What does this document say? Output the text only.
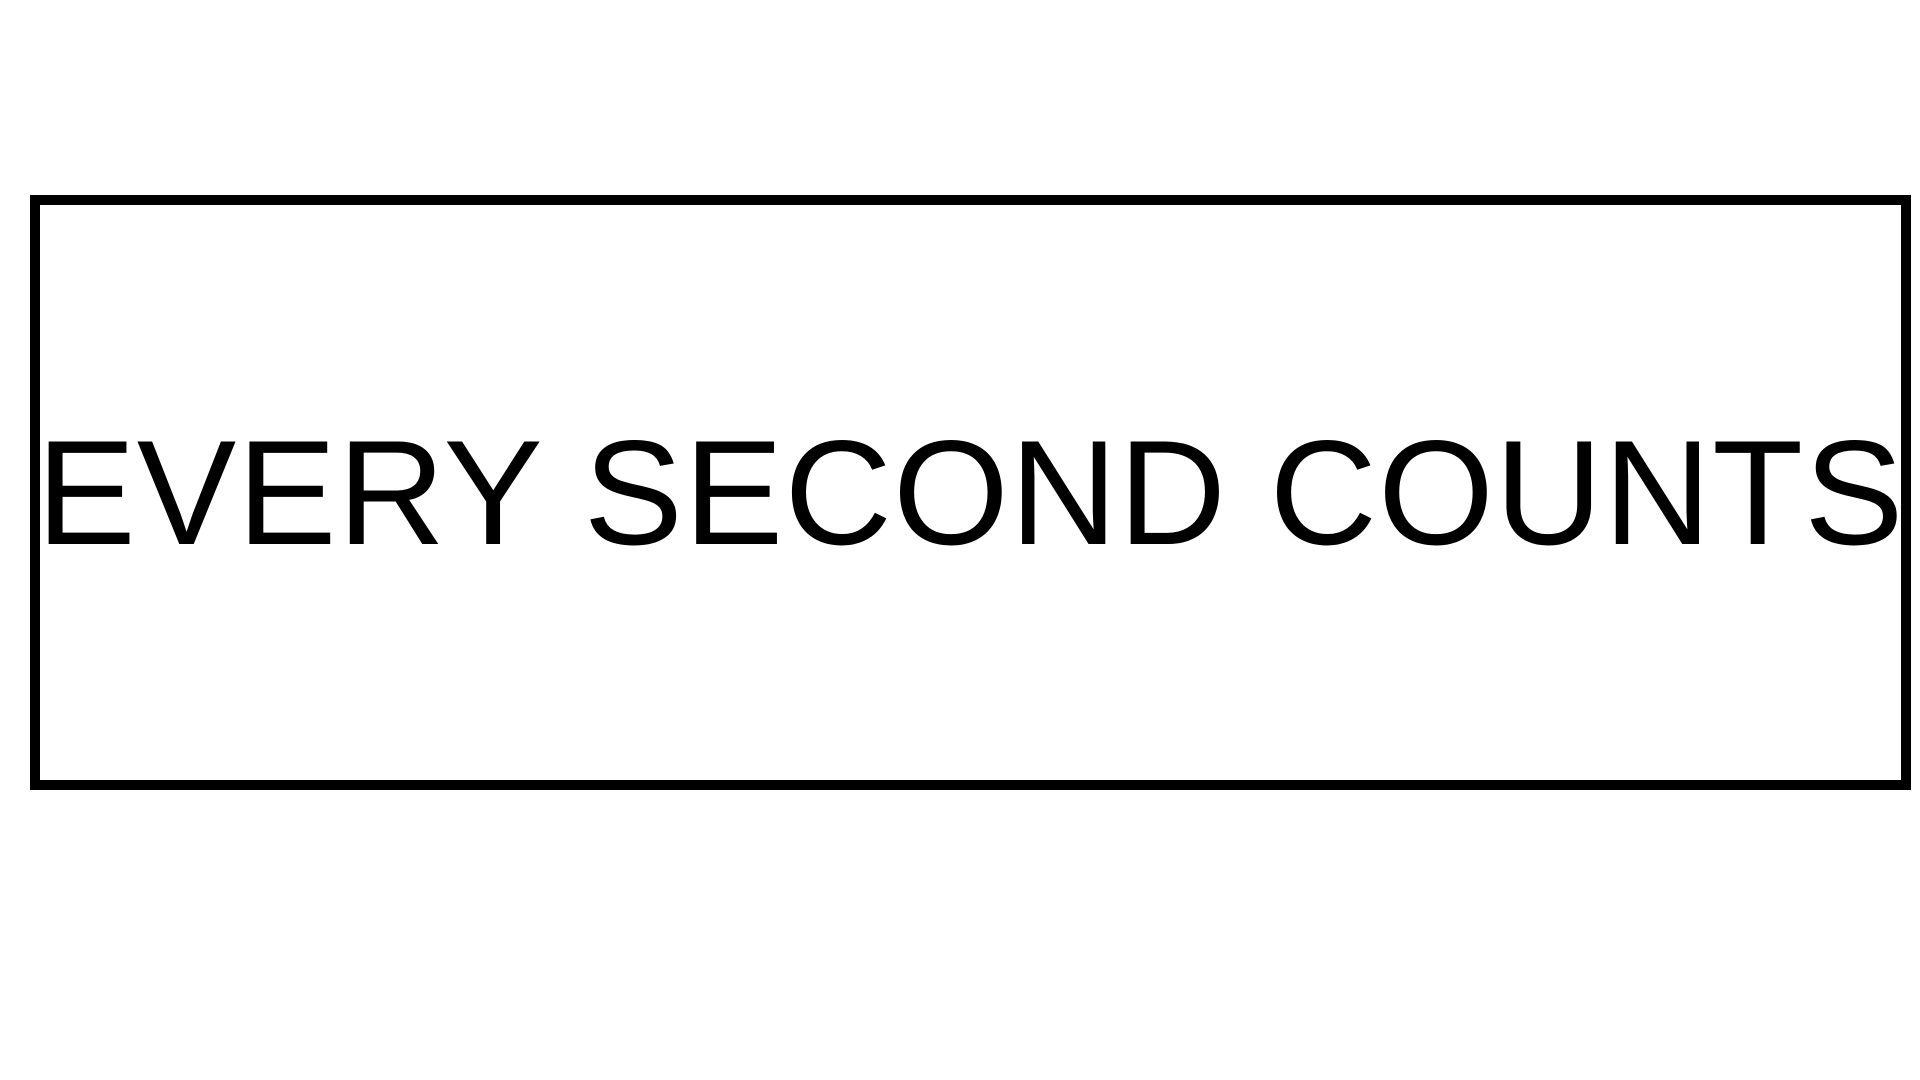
EVERY SECOND COUNTS
